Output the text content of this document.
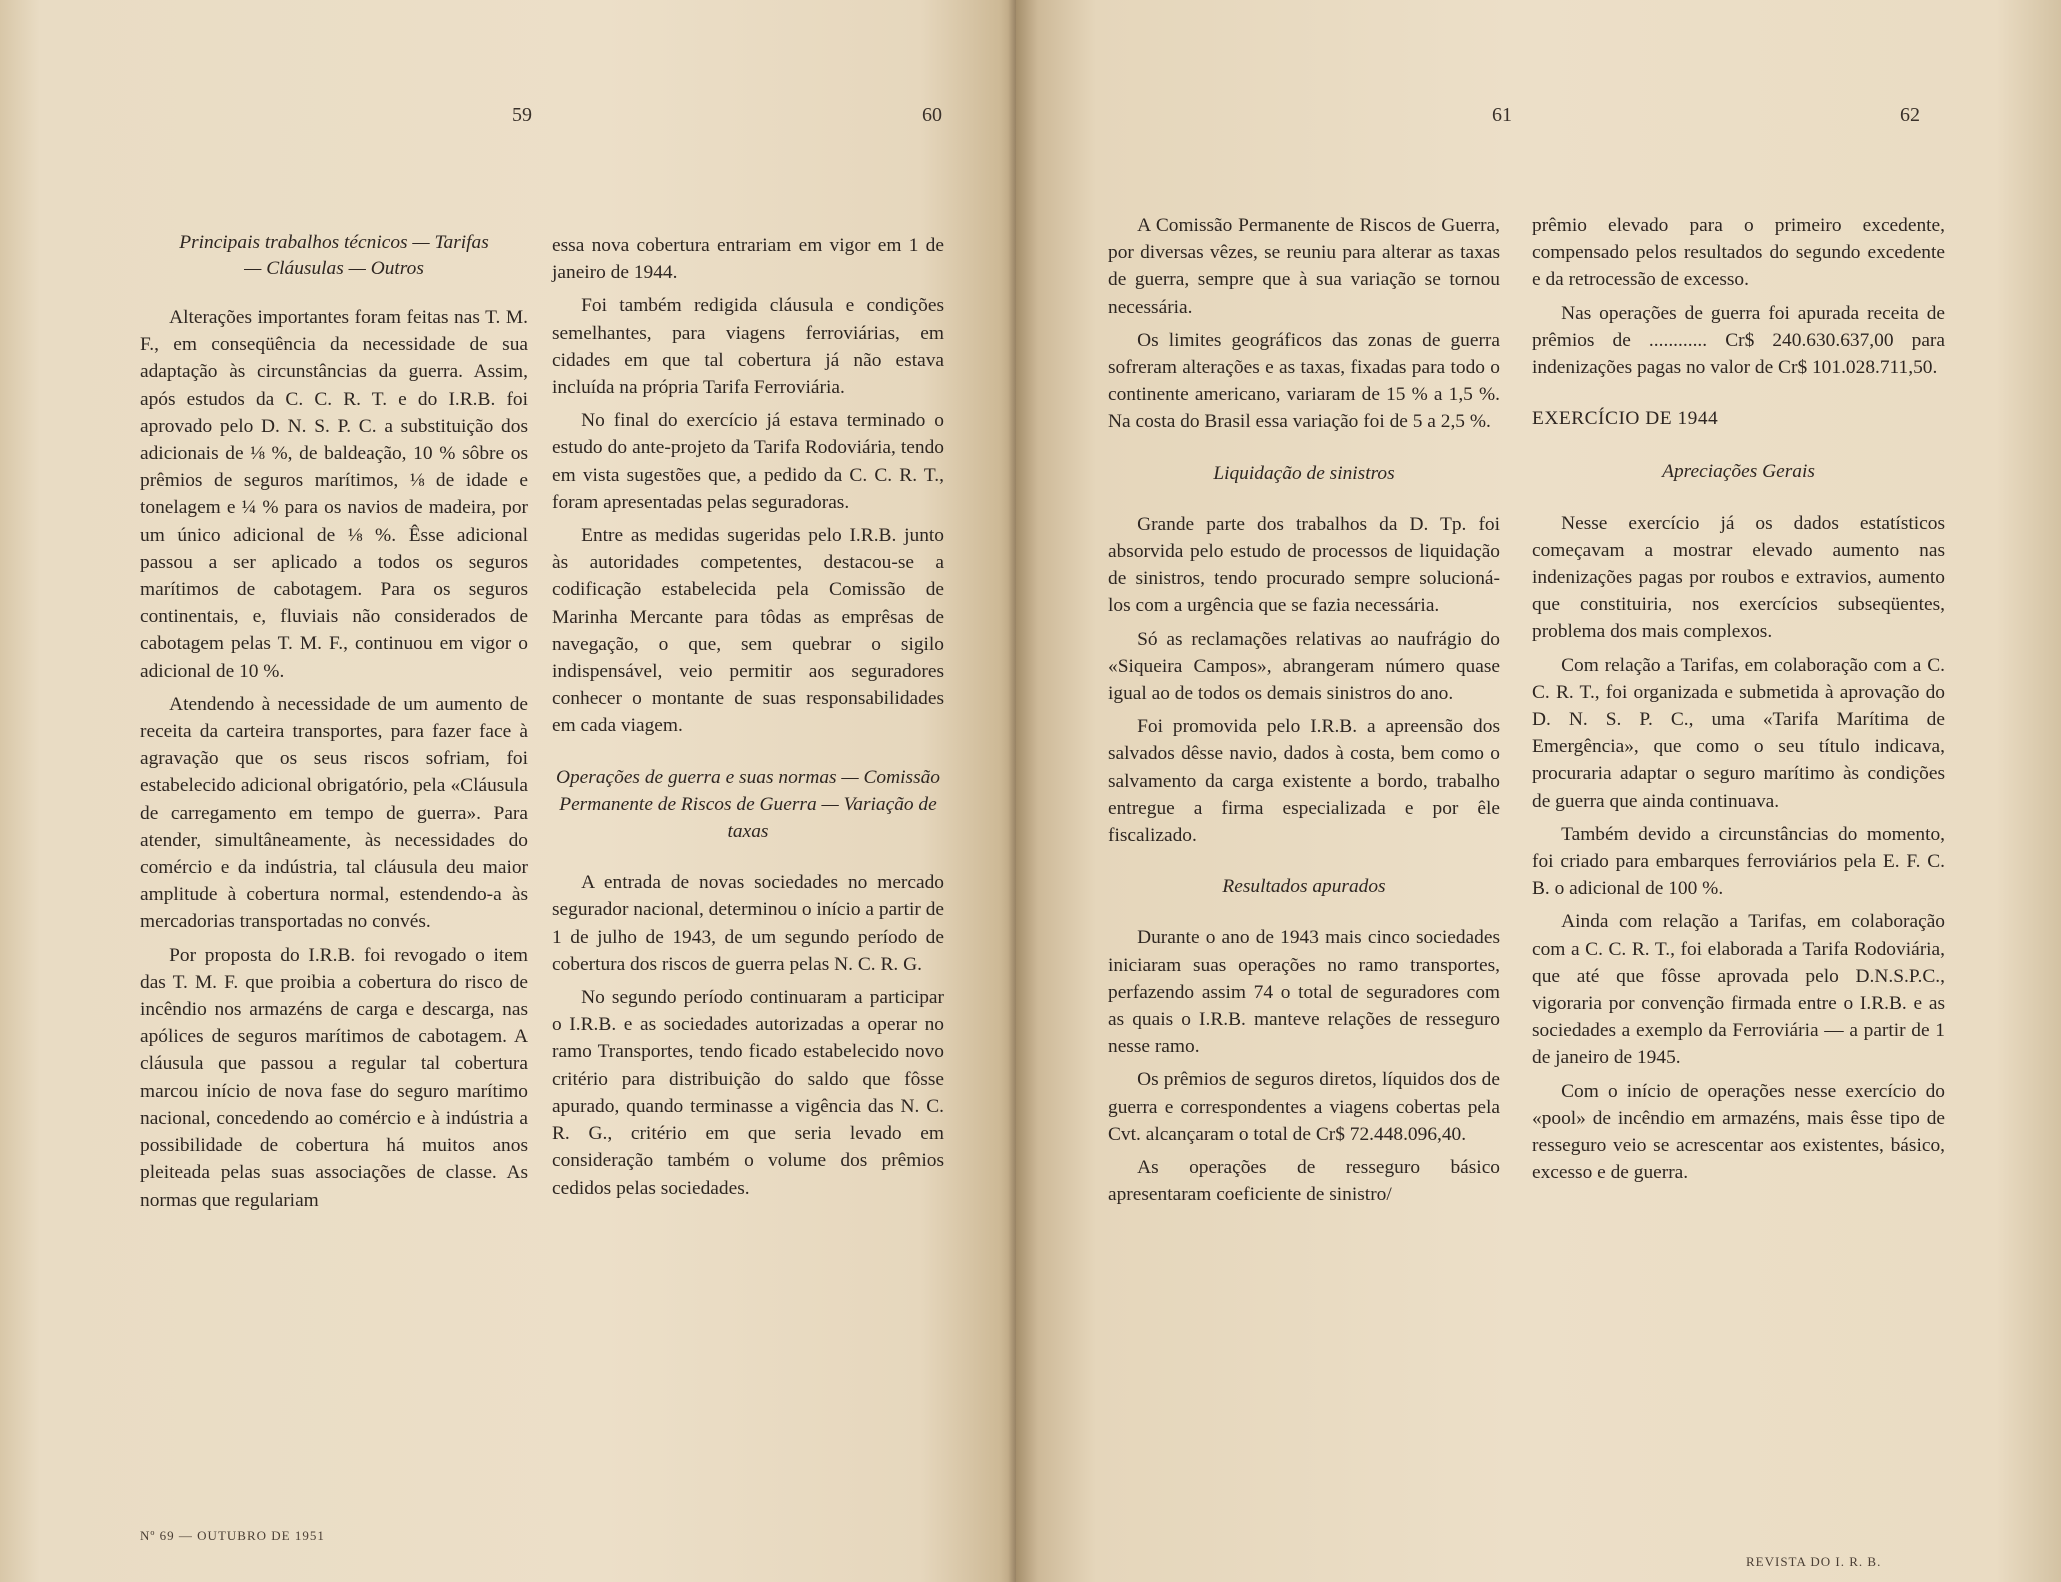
59	60
Principais trabalhos técnicos — Tarifas
— Cláusulas — Outros

Alterações importantes foram feitas nas T. M. F., em conseqüência da necessidade de sua adaptação às circunstâncias da guerra. Assim, após estudos da C. C. R. T. e do I.R.B. foi aprovado pelo D. N. S. P. C. a substituição dos adicionais de ⅛ %, de baldeação, 10 % sôbre os prêmios de seguros marítimos, ⅛ de idade e tonelagem e ¼ % para os navios de madeira, por um único adicional de ⅛ %. Êsse adicional passou a ser aplicado a todos os seguros marítimos de cabotagem. Para os seguros continentais, e, fluviais não considerados de cabotagem pelas T. M. F., continuou em vigor o adicional de 10 %.

Atendendo à necessidade de um aumento de receita da carteira transportes, para fazer face à agravação que os seus riscos sofriam, foi estabelecido adicional obrigatório, pela «Cláusula de carregamento em tempo de guerra». Para atender, simultâneamente, às necessidades do comércio e da indústria, tal cláusula deu maior amplitude à cobertura normal, estendendo-a às mercadorias transportadas no convés.

Por proposta do I.R.B. foi revogado o item das T. M. F. que proibia a cobertura do risco de incêndio nos armazéns de carga e descarga, nas apólices de seguros marítimos de cabotagem. A cláusula que passou a regular tal cobertura marcou início de nova fase do seguro marítimo nacional, concedendo ao comércio e à indústria a possibilidade de cobertura há muitos anos pleiteada pelas suas associações de classe. As normas que regulariam

essa nova cobertura entrariam em vigor em 1 de janeiro de 1944.

Foi também redigida cláusula e condições semelhantes, para viagens ferroviárias, em cidades em que tal cobertura já não estava incluída na própria Tarifa Ferroviária.

No final do exercício já estava terminado o estudo do ante-projeto da Tarifa Rodoviária, tendo em vista sugestões que, a pedido da C. C. R. T., foram apresentadas pelas seguradoras.

Entre as medidas sugeridas pelo I.R.B. junto às autoridades competentes, destacou-se a codificação estabelecida pela Comissão de Marinha Mercante para tôdas as emprêsas de navegação, o que, sem quebrar o sigilo indispensável, veio permitir aos seguradores conhecer o montante de suas responsabilidades em cada viagem.

Operações de guerra e suas normas — Comissão Permanente de Riscos de Guerra — Variação de taxas

A entrada de novas sociedades no mercado segurador nacional, determinou o início a partir de 1 de julho de 1943, de um segundo período de cobertura dos riscos de guerra pelas N. C. R. G.

No segundo período continuaram a participar o I.R.B. e as sociedades autorizadas a operar no ramo Transportes, tendo ficado estabelecido novo critério para distribuição do saldo que fôsse apurado, quando terminasse a vigência das N. C. R. G., critério em que seria levado em consideração também o volume dos prêmios cedidos pelas sociedades.

Nº 69 — OUTUBRO DE 1951
61	62

A Comissão Permanente de Riscos de Guerra, por diversas vêzes, se reuniu para alterar as taxas de guerra, sempre que à sua variação se tornou necessária.

Os limites geográficos das zonas de guerra sofreram alterações e as taxas, fixadas para todo o continente americano, variaram de 15 % a 1,5 %. Na costa do Brasil essa variação foi de 5 a 2,5 %.

Liquidação de sinistros

Grande parte dos trabalhos da D. Tp. foi absorvida pelo estudo de processos de liquidação de sinistros, tendo procurado sempre solucioná-los com a urgência que se fazia necessária.

Só as reclamações relativas ao naufrágio do «Siqueira Campos», abrangeram número quase igual ao de todos os demais sinistros do ano.

Foi promovida pelo I.R.B. a apreensão dos salvados dêsse navio, dados à costa, bem como o salvamento da carga existente a bordo, trabalho entregue a firma especializada e por êle fiscalizado.

Resultados apurados

Durante o ano de 1943 mais cinco sociedades iniciaram suas operações no ramo transportes, perfazendo assim 74 o total de seguradores com as quais o I.R.B. manteve relações de resseguro nesse ramo.

Os prêmios de seguros diretos, líquidos dos de guerra e correspondentes a viagens cobertas pela Cvt. alcançaram o total de Cr$ 72.448.096,40.

As operações de resseguro básico apresentaram coeficiente de sinistro/

prêmio elevado para o primeiro excedente, compensado pelos resultados do segundo excedente e da retrocessão de excesso.

Nas operações de guerra foi apurada receita de prêmios de ............ Cr$ 240.630.637,00 para indenizações pagas no valor de Cr$ 101.028.711,50.

EXERCÍCIO DE 1944
Apreciações Gerais

Nesse exercício já os dados estatísticos começavam a mostrar elevado aumento nas indenizações pagas por roubos e extravios, aumento que constituiria, nos exercícios subseqüentes, problema dos mais complexos.

Com relação a Tarifas, em colaboração com a C. C. R. T., foi organizada e submetida à aprovação do D. N. S. P. C., uma «Tarifa Marítima de Emergência», que como o seu título indicava, procuraria adaptar o seguro marítimo às condições de guerra que ainda continuava.

Também devido a circunstâncias do momento, foi criado para embarques ferroviários pela E. F. C. B. o adicional de 100 %.

Ainda com relação a Tarifas, em colaboração com a C. C. R. T., foi elaborada a Tarifa Rodoviária, que até que fôsse aprovada pelo D.N.S.P.C., vigoraria por convenção firmada entre o I.R.B. e as sociedades a exemplo da Ferroviária — a partir de 1 de janeiro de 1945.

Com o início de operações nesse exercício do «pool» de incêndio em armazéns, mais êsse tipo de resseguro veio se acrescentar aos existentes, básico, excesso e de guerra.

REVISTA DO I. R. B.
